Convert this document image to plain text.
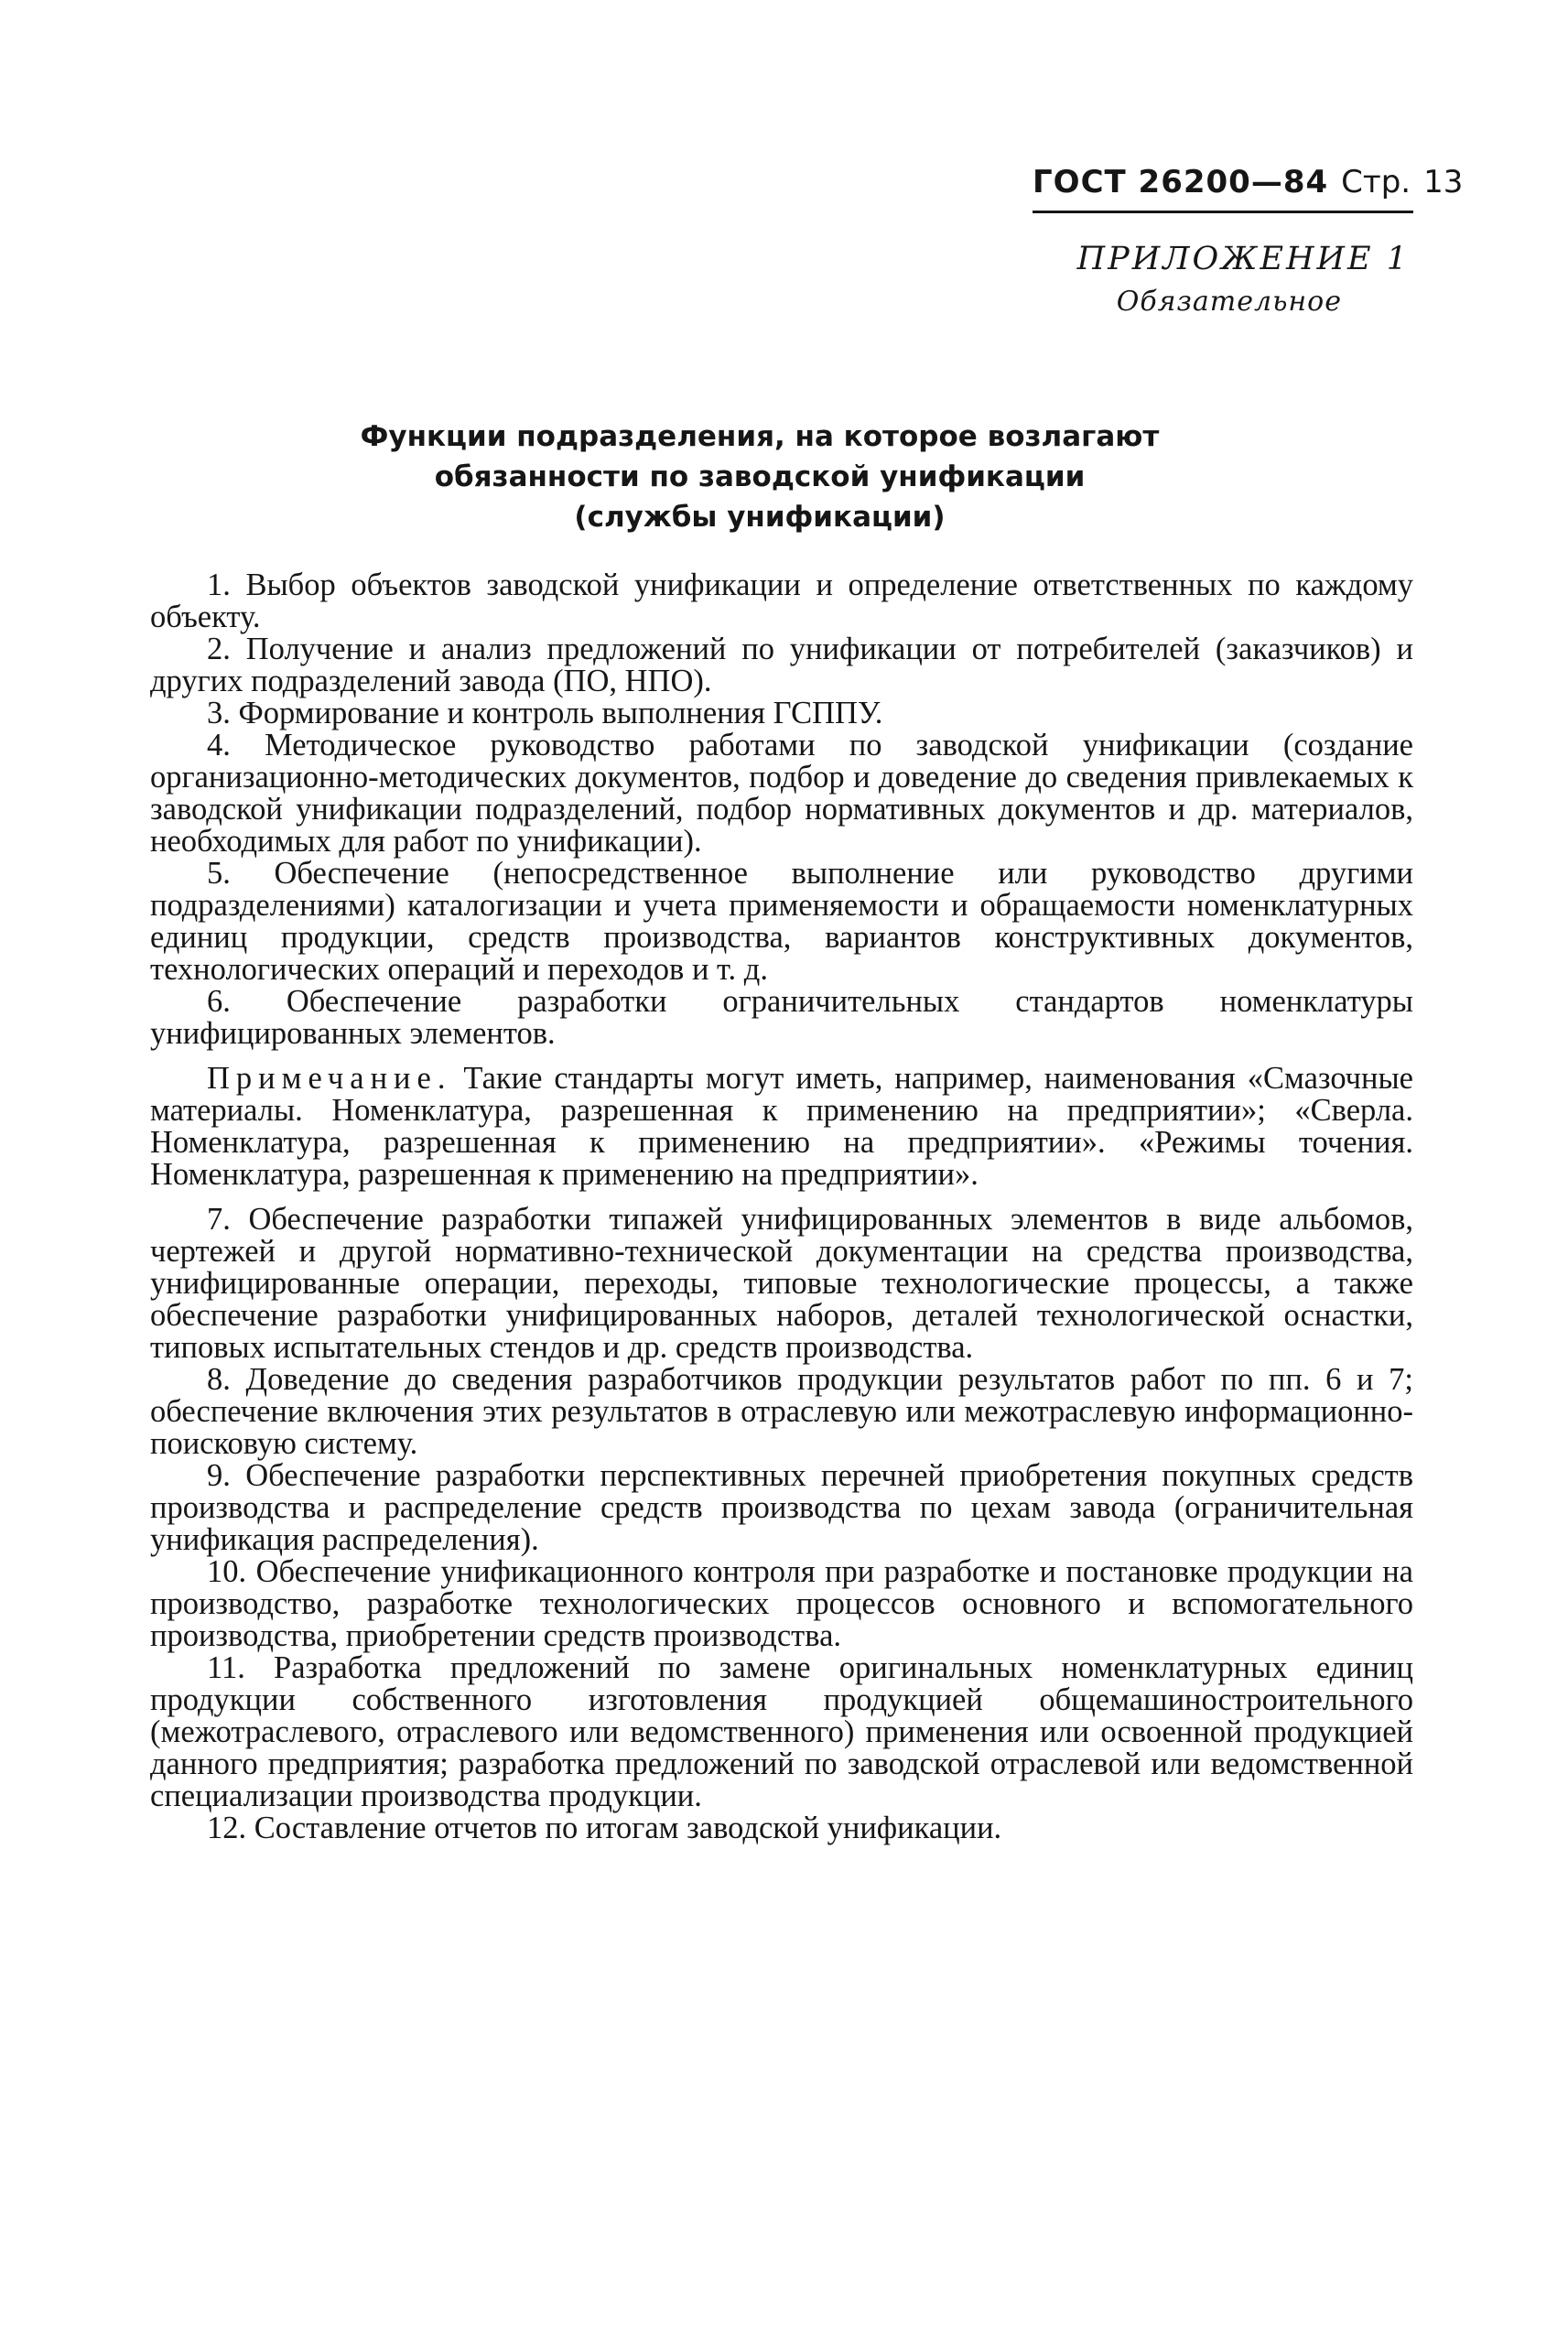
ГОСТ 26200—84 Стр. 13
ПРИЛОЖЕНИЕ 1
Обязательное
Функции подразделения, на которое возлагают
обязанности по заводской унификации
(службы унификации)

1. Выбор объектов заводской унификации и определение ответственных по каждому объекту.

2. Получение и анализ предложений по унификации от потребителей (заказчиков) и других подразделений завода (ПО, НПО).

3. Формирование и контроль выполнения ГСППУ.

4. Методическое руководство работами по заводской унификации (создание организационно-методических документов, подбор и доведение до сведения привлекаемых к заводской унификации подразделений, подбор нормативных документов и др. материалов, необходимых для работ по унификации).

5. Обеспечение (непосредственное выполнение или руководство другими подразделениями) каталогизации и учета применяемости и обращаемости номенклатурных единиц продукции, средств производства, вариантов конструктивных документов, технологических операций и переходов и т. д.

6. Обеспечение разработки ограничительных стандартов номенклатуры унифицированных элементов.

Примечание. Такие стандарты могут иметь, например, наименования «Смазочные материалы. Номенклатура, разрешенная к применению на предприятии»; «Сверла. Номенклатура, разрешенная к применению на предприятии». «Режимы точения. Номенклатура, разрешенная к применению на предприятии».

7. Обеспечение разработки типажей унифицированных элементов в виде альбомов, чертежей и другой нормативно-технической документации на средства производства, унифицированные операции, переходы, типовые технологические процессы, а также обеспечение разработки унифицированных наборов, деталей технологической оснастки, типовых испытательных стендов и др. средств производства.

8. Доведение до сведения разработчиков продукции результатов работ по пп. 6 и 7; обеспечение включения этих результатов в отраслевую или межотраслевую информационно-поисковую систему.

9. Обеспечение разработки перспективных перечней приобретения покупных средств производства и распределение средств производства по цехам завода (ограничительная унификация распределения).

10. Обеспечение унификационного контроля при разработке и постановке продукции на производство, разработке технологических процессов основного и вспомогательного производства, приобретении средств производства.

11. Разработка предложений по замене оригинальных номенклатурных единиц продукции собственного изготовления продукцией общемашиностроительного (межотраслевого, отраслевого или ведомственного) применения или освоенной продукцией данного предприятия; разработка предложений по заводской отраслевой или ведомственной специализации производства продукции.

12. Составление отчетов по итогам заводской унификации.
